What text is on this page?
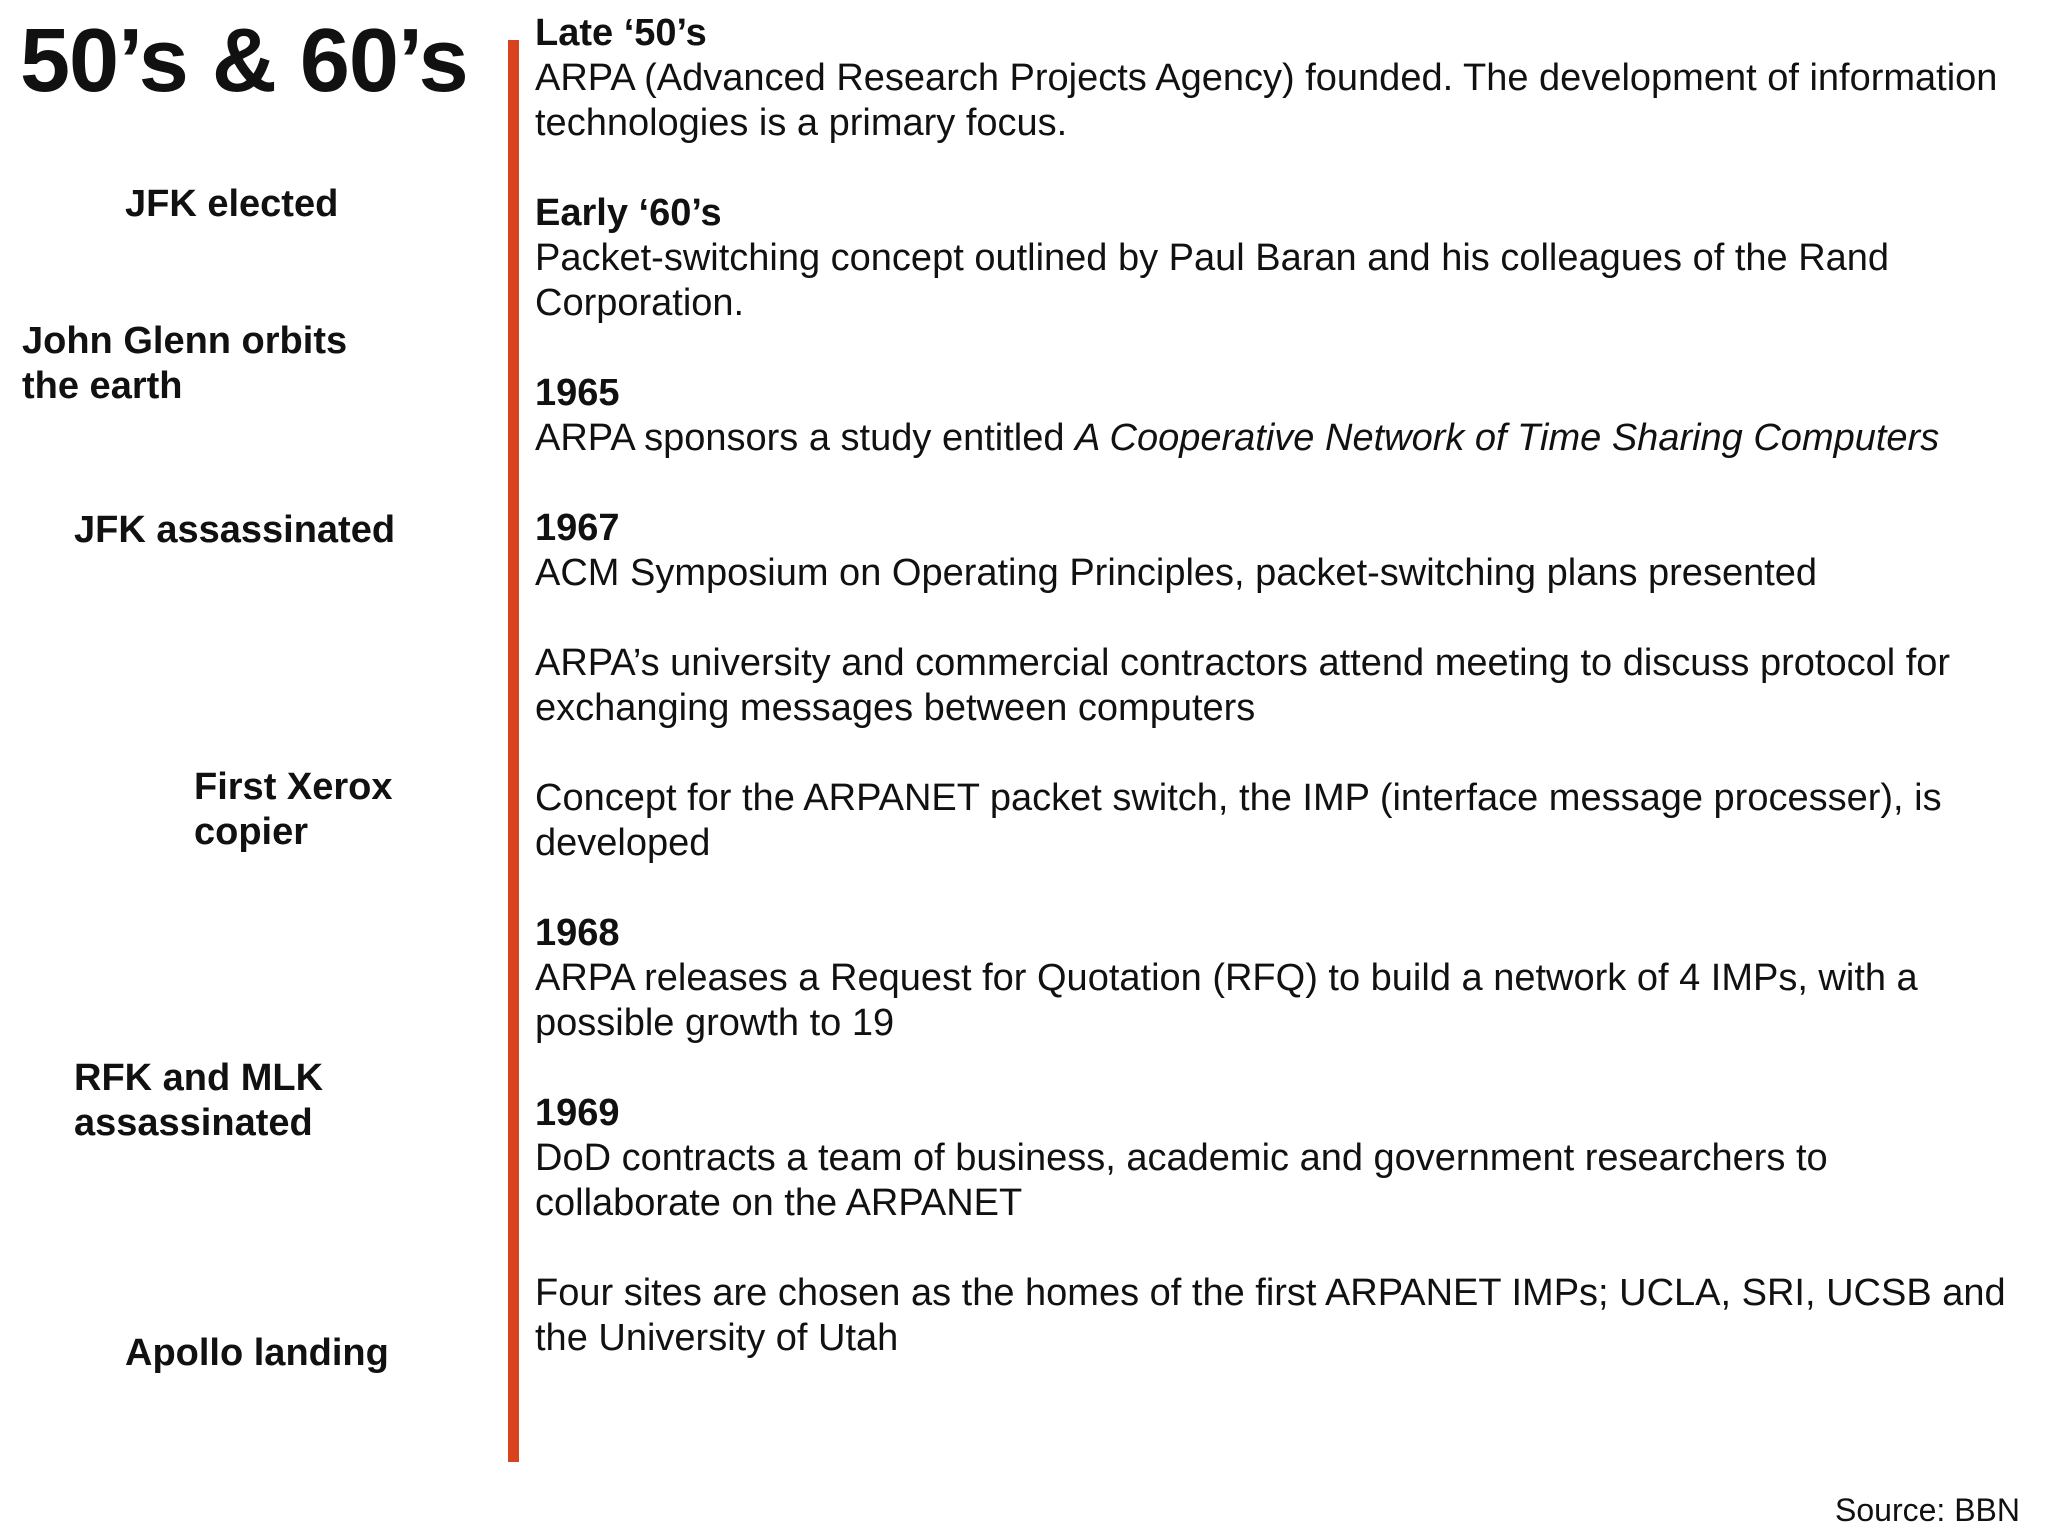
50’s & 60’s
JFK elected
John Glenn orbits
the earth
JFK assassinated
First Xerox
copier
RFK and MLK
assassinated
Apollo landing
Late ‘50’s
ARPA (Advanced Research Projects Agency) founded. The development of information technologies is a primary focus.
Early ‘60’s
Packet-switching concept outlined by Paul Baran and his colleagues of the Rand Corporation.
1965
ARPA sponsors a study entitled A Cooperative Network of Time Sharing Computers
1967
ACM Symposium on Operating Principles, packet-switching plans presented
ARPA’s university and commercial contractors attend meeting to discuss protocol for exchanging messages between computers
Concept for the ARPANET packet switch, the IMP (interface message processer), is developed
1968
ARPA releases a Request for Quotation (RFQ) to build a network of 4 IMPs, with a possible growth to 19
1969
DoD contracts a team of business, academic and government researchers to collaborate on the ARPANET
Four sites are chosen as the homes of the first ARPANET IMPs; UCLA, SRI, UCSB and the University of Utah
Source: BBN
